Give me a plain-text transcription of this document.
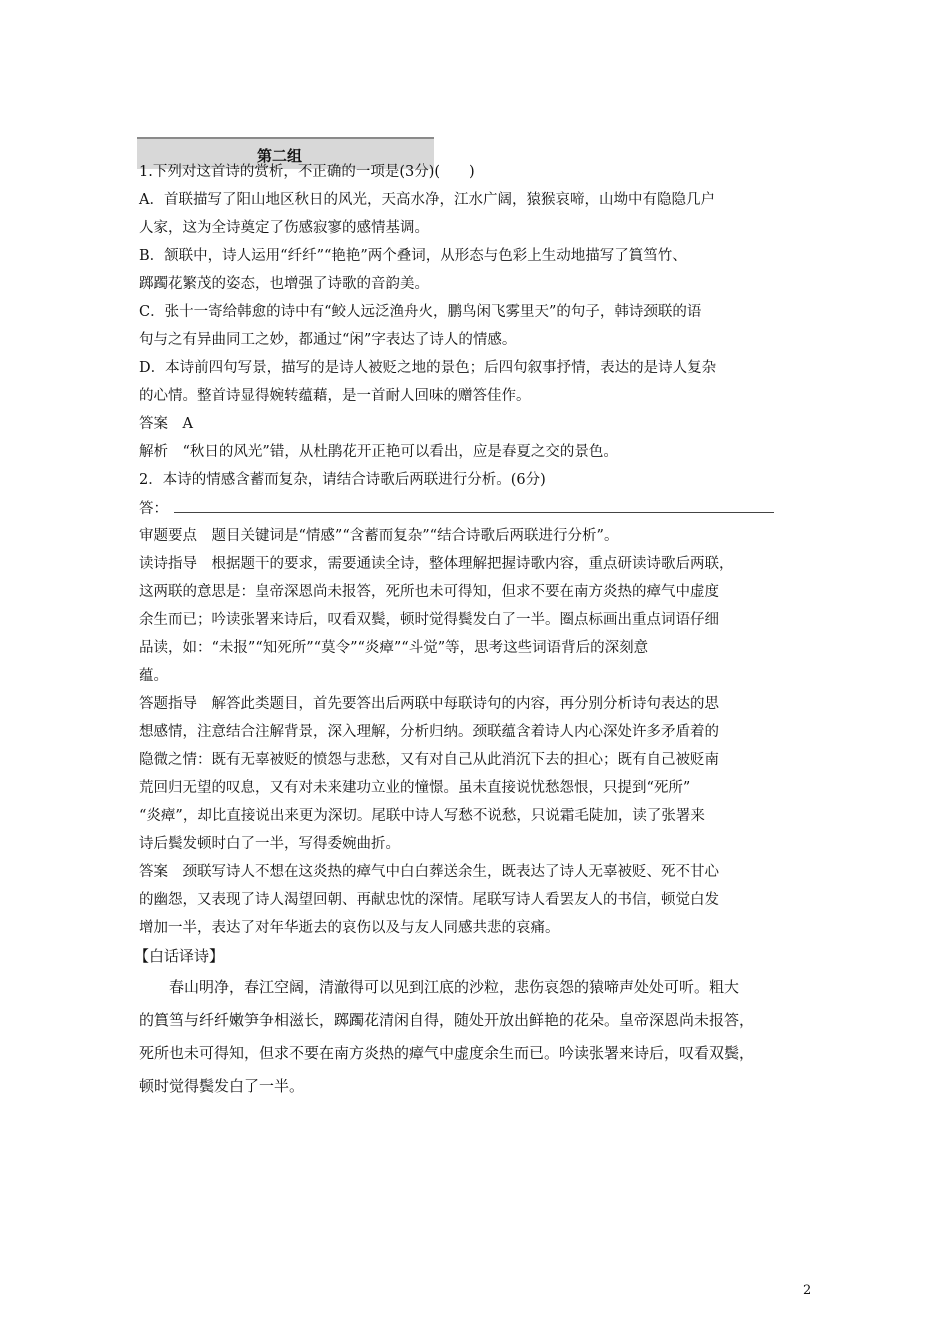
第二组
1.下列对这首诗的赏析，不正确的一项是(3分)(　　)
A．首联描写了阳山地区秋日的风光，天高水净，江水广阔，猿猴哀啼，山坳中有隐隐几户
人家，这为全诗奠定了伤感寂寥的感情基调。
B．颔联中，诗人运用“纤纤”“艳艳”两个叠词，从形态与色彩上生动地描写了篔筜竹、
踯躅花繁茂的姿态，也增强了诗歌的音韵美。
C．张十一寄给韩愈的诗中有“鲛人远泛渔舟火，鹏鸟闲飞雾里天”的句子，韩诗颈联的语
句与之有异曲同工之妙，都通过“闲”字表达了诗人的情感。
D．本诗前四句写景，描写的是诗人被贬之地的景色；后四句叙事抒情，表达的是诗人复杂
的心情。整首诗显得婉转蕴藉，是一首耐人回味的赠答佳作。
答案　A
解析　“秋日的风光”错，从杜鹃花开正艳可以看出，应是春夏之交的景色。
2．本诗的情感含蓄而复杂，请结合诗歌后两联进行分析。(6分)
答：
审题要点　题目关键词是“情感”“含蓄而复杂”“结合诗歌后两联进行分析”。
读诗指导　根据题干的要求，需要通读全诗，整体理解把握诗歌内容，重点研读诗歌后两联，
这两联的意思是：皇帝深恩尚未报答，死所也未可得知，但求不要在南方炎热的瘴气中虚度
余生而已；吟读张署来诗后，叹看双鬓，顿时觉得鬓发白了一半。圈点标画出重点词语仔细
品读，如：“未报”“知死所”“莫令”“炎瘴”“斗觉”等，思考这些词语背后的深刻意
蕴。
答题指导　解答此类题目，首先要答出后两联中每联诗句的内容，再分别分析诗句表达的思
想感情，注意结合注解背景，深入理解，分析归纳。颈联蕴含着诗人内心深处许多矛盾着的
隐微之情：既有无辜被贬的愤怨与悲愁，又有对自己从此消沉下去的担心；既有自己被贬南
荒回归无望的叹息，又有对未来建功立业的憧憬。虽未直接说忧愁怨恨，只提到“死所”
“炎瘴”，却比直接说出来更为深切。尾联中诗人写愁不说愁，只说霜毛陡加，读了张署来
诗后鬓发顿时白了一半，写得委婉曲折。
答案　颈联写诗人不想在这炎热的瘴气中白白葬送余生，既表达了诗人无辜被贬、死不甘心
的幽怨，又表现了诗人渴望回朝、再献忠忱的深情。尾联写诗人看罢友人的书信，顿觉白发
增加一半，表达了对年华逝去的哀伤以及与友人同感共悲的哀痛。
【白话译诗】
　　春山明净，春江空阔，清澈得可以见到江底的沙粒，悲伤哀怨的猿啼声处处可听。粗大
的篔筜与纤纤嫩笋争相滋长，踯躅花清闲自得，随处开放出鲜艳的花朵。皇帝深恩尚未报答，
死所也未可得知，但求不要在南方炎热的瘴气中虚度余生而已。吟读张署来诗后，叹看双鬓，
顿时觉得鬓发白了一半。
2
